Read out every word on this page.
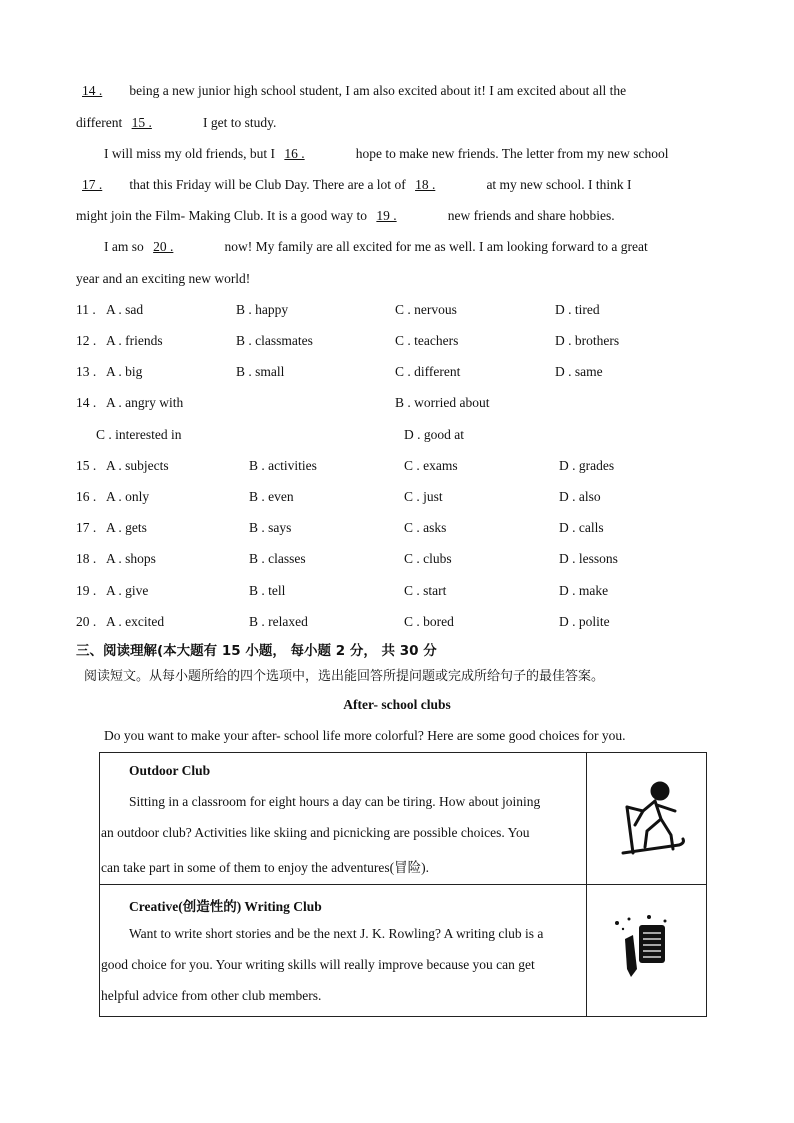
14 . being a new junior high school student, I am also excited about it! I am excited about all the
different 15 .	I get to study.
I will miss my old friends, but I 16 .	hope to make new friends. The letter from my new school
17 . that this Friday will be Club Day. There are a lot of 18 .	at my new school. I think I
might join the Film- Making Club. It is a good way to 19 .	new friends and share hobbies.
I am so 20 .	now! My family are all excited for me as well. I am looking forward to a great
year and an exciting new world!
11 . A . sad	B . happy	C . nervous	D . tired
12 . A . friends	B . classmates	C . teachers	D . brothers
13 . A . big	B . small	C . different	D . same
14 . A . angry with	B . worried about
C . interested in	D . good at
15 . A . subjects	B . activities	C . exams	D . grades
16 . A . only	B . even	C . just	D . also
17 . A . gets	B . says	C . asks	D . calls
18 . A . shops	B . classes	C . clubs	D . lessons
19 . A . give	B . tell	C . start	D . make
20 . A . excited	B . relaxed	C . bored	D . polite
三、阅读理解(本大题有 15 小题， 每小题 2 分， 共 30 分
阅读短文。从每小题所给的四个选项中，选出能回答所提问题或完成所给句子的最佳答案。
After- school clubs
Do you want to make your after- school life more colorful? Here are some good choices for you.
Outdoor Club
Sitting in a classroom for eight hours a day can be tiring. How about joining
an outdoor club? Activities like skiing and picnicking are possible choices. You
can take part in some of them to enjoy the adventures(冒险).

Creative(创造性的) Writing Club
Want to write short stories and be the next J. K. Rowling? A writing club is a
good choice for you. Your writing skills will really improve because you can get
helpful advice from other club members.
